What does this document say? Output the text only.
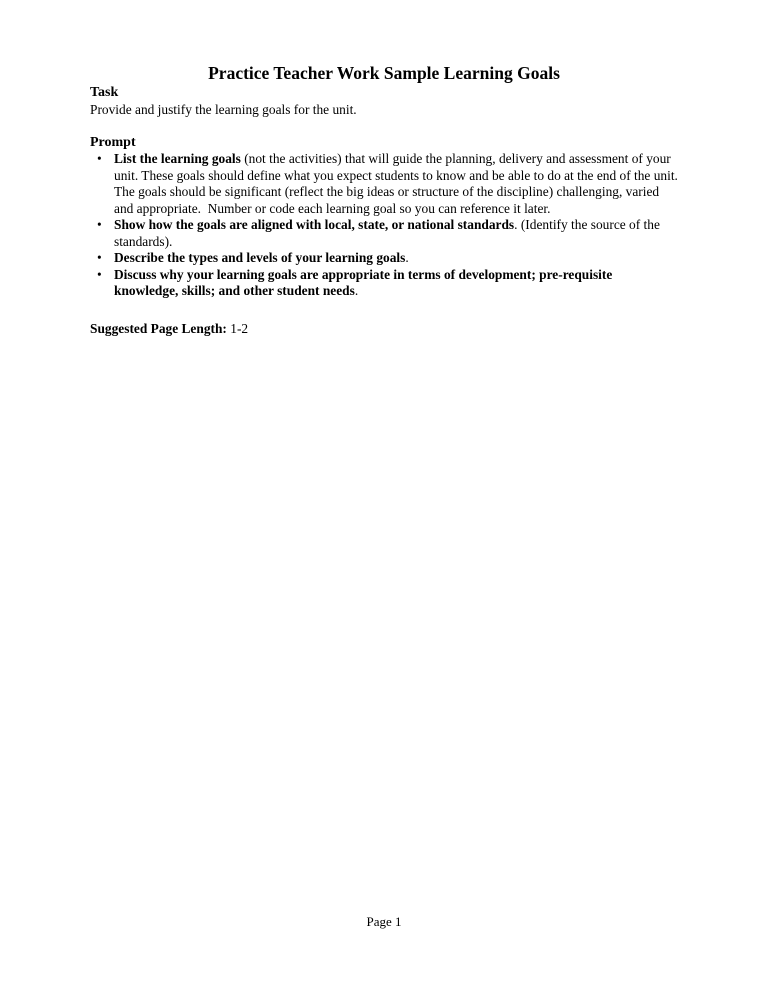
Practice Teacher Work Sample Learning Goals
Task

Provide and justify the learning goals for the unit.

Prompt
• List the learning goals (not the activities) that will guide the planning, delivery and assessment of your unit. These goals should define what you expect students to know and be able to do at the end of the unit. The goals should be significant (reflect the big ideas or structure of the discipline) challenging, varied and appropriate.  Number or code each learning goal so you can reference it later.
• Show how the goals are aligned with local, state, or national standards. (Identify the source of the standards).
• Describe the types and levels of your learning goals.
• Discuss why your learning goals are appropriate in terms of development; pre-requisite knowledge, skills; and other student needs.

Suggested Page Length: 1-2

Page 1
